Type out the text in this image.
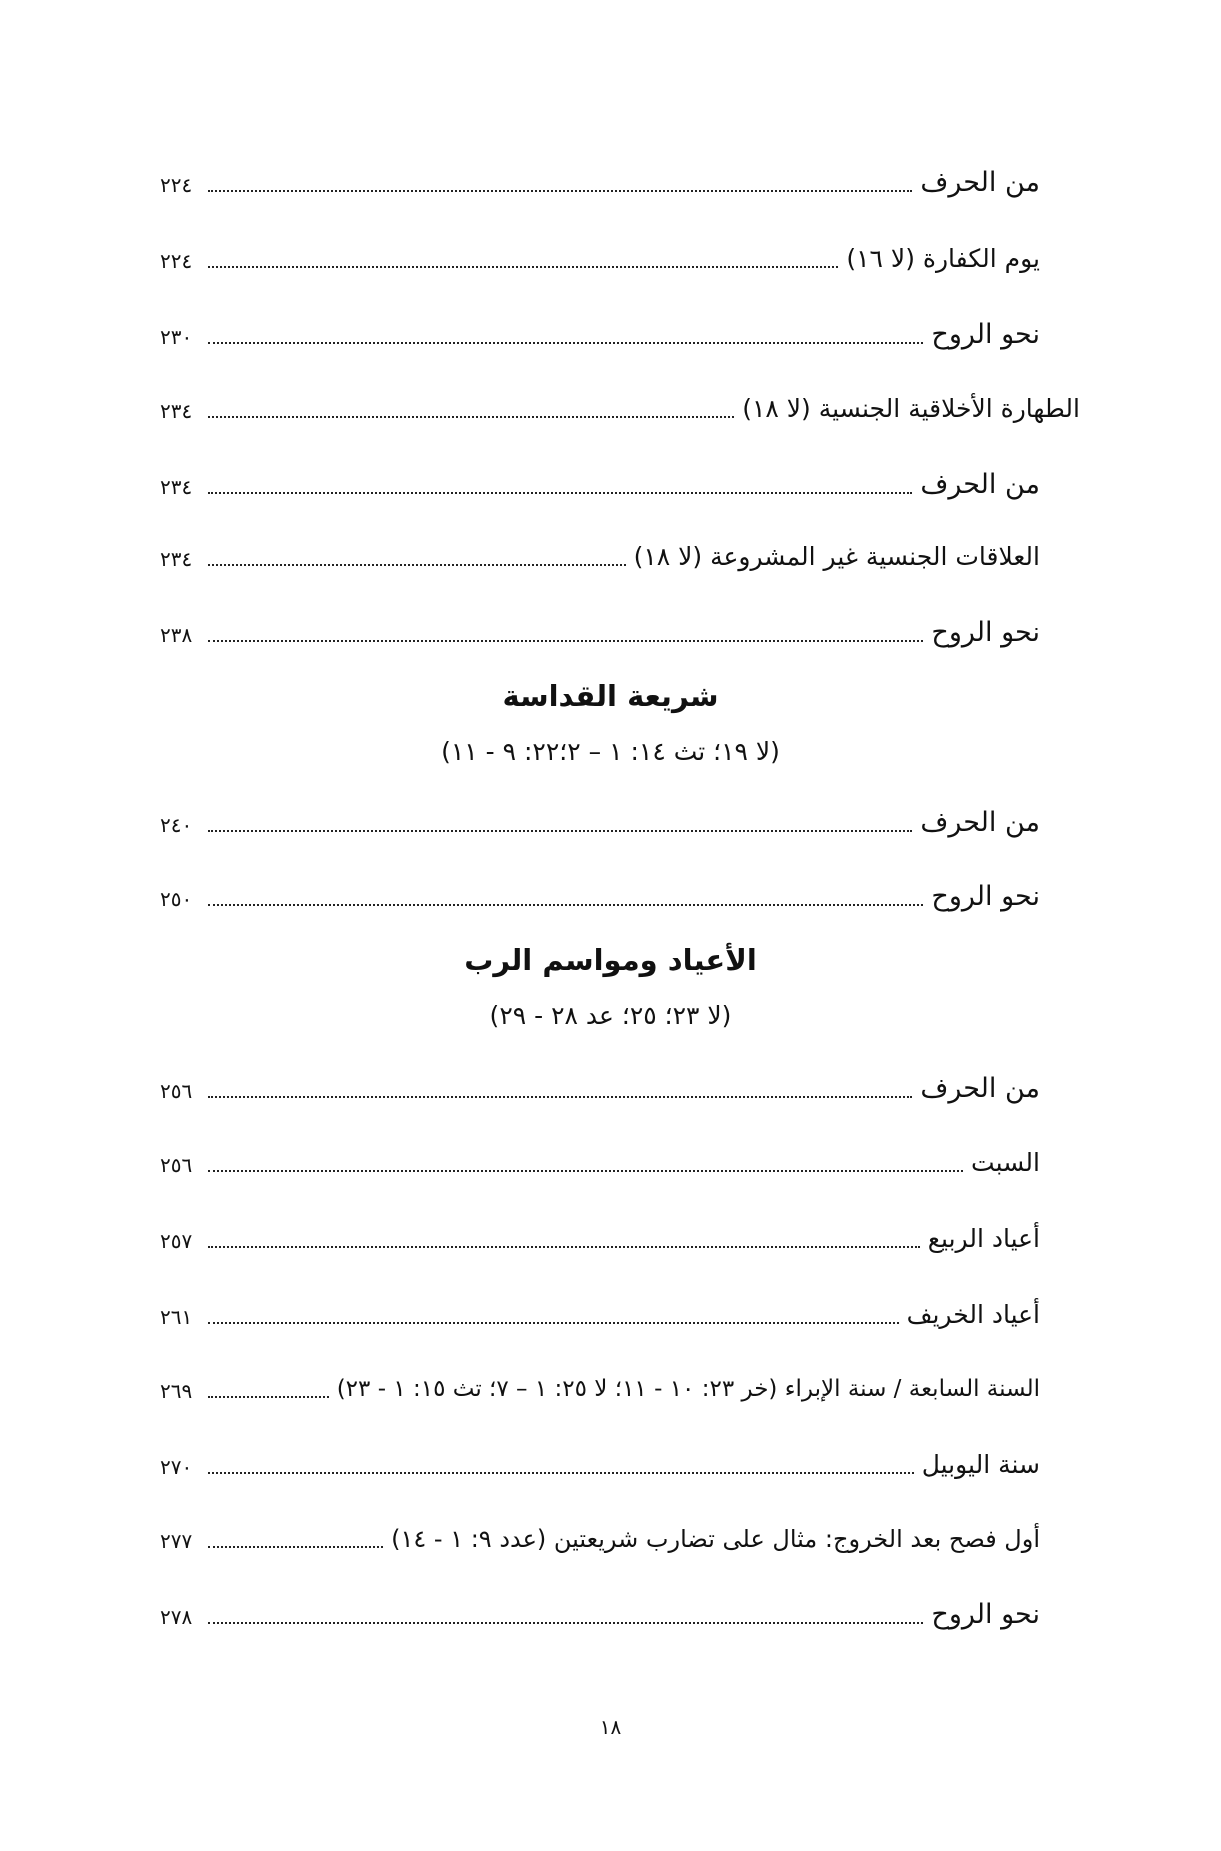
من الحرف
٢٢٤
يوم الكفارة (لا ١٦)
٢٢٤
نحو الروح
٢٣٠
الطهارة الأخلاقية الجنسية (لا ١٨)
٢٣٤
من الحرف
٢٣٤
العلاقات الجنسية غير المشروعة (لا ١٨)
٢٣٤
نحو الروح
٢٣٨
شريعة القداسة
(لا ١٩؛ تث ١٤: ١ – ٢؛٢٢: ٩ - ١١)
من الحرف
٢٤٠
نحو الروح
٢٥٠
الأعياد ومواسم الرب
(لا ٢٣؛ ٢٥؛ عد ٢٨ - ٢٩)
من الحرف
٢٥٦
السبت
٢٥٦
أعياد الربيع
٢٥٧
أعياد الخريف
٢٦١
السنة السابعة / سنة الإبراء (خر ٢٣: ١٠ - ١١؛ لا ٢٥: ١ – ٧؛ تث ١٥: ١ - ٢٣)
٢٦٩
سنة اليوبيل
٢٧٠
أول فصح بعد الخروج: مثال على تضارب شريعتين (عدد ٩: ١ - ١٤)
٢٧٧
نحو الروح
٢٧٨
١٨
